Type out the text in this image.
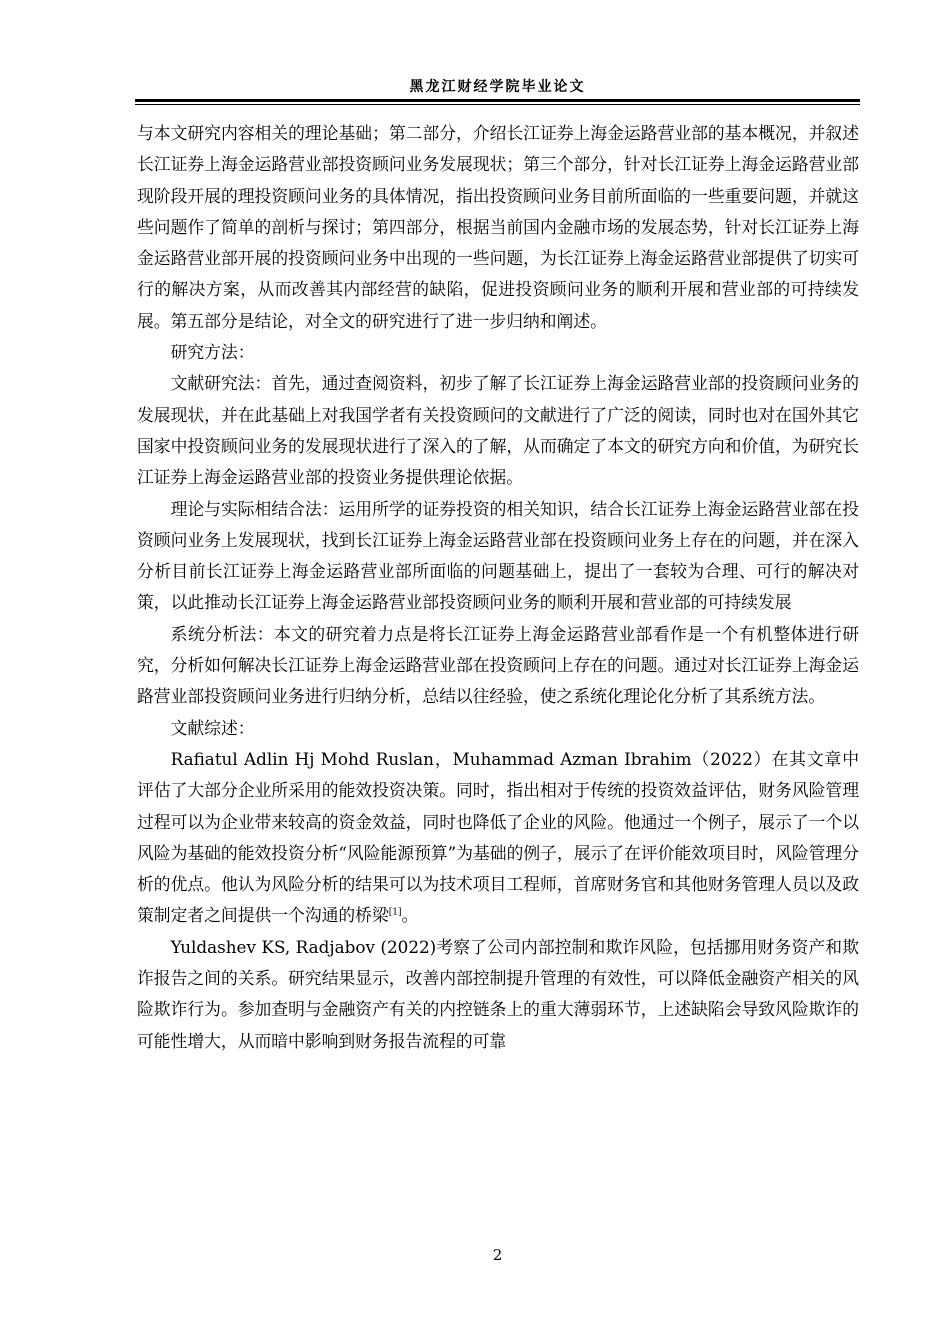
黑龙江财经学院毕业论文

与本文研究内容相关的理论基础；第二部分，介绍长江证券上海金运路营业部的基本概况，并叙述长江证券上海金运路营业部投资顾问业务发展现状；第三个部分，针对长江证券上海金运路营业部现阶段开展的理投资顾问业务的具体情况，指出投资顾问业务目前所面临的一些重要问题，并就这些问题作了简单的剖析与探讨；第四部分，根据当前国内金融市场的发展态势，针对长江证券上海金运路营业部开展的投资顾问业务中出现的一些问题，为长江证券上海金运路营业部提供了切实可行的解决方案，从而改善其内部经营的缺陷，促进投资顾问业务的顺利开展和营业部的可持续发展。第五部分是结论，对全文的研究进行了进一步归纳和阐述。

研究方法：

文献研究法：首先，通过查阅资料，初步了解了长江证券上海金运路营业部的投资顾问业务的发展现状，并在此基础上对我国学者有关投资顾问的文献进行了广泛的阅读，同时也对在国外其它国家中投资顾问业务的发展现状进行了深入的了解，从而确定了本文的研究方向和价值，为研究长江证券上海金运路营业部的投资业务提供理论依据。

理论与实际相结合法：运用所学的证券投资的相关知识，结合长江证券上海金运路营业部在投资顾问业务上发展现状，找到长江证券上海金运路营业部在投资顾问业务上存在的问题，并在深入分析目前长江证券上海金运路营业部所面临的问题基础上，提出了一套较为合理、可行的解决对策，以此推动长江证券上海金运路营业部投资顾问业务的顺利开展和营业部的可持续发展

系统分析法：本文的研究着力点是将长江证券上海金运路营业部看作是一个有机整体进行研究，分析如何解决长江证券上海金运路营业部在投资顾问上存在的问题。通过对长江证券上海金运路营业部投资顾问业务进行归纳分析，总结以往经验，使之系统化理论化分析了其系统方法。

文献综述：

Rafiatul Adlin Hj Mohd Ruslan，Muhammad Azman Ibrahim（2022）在其文章中评估了大部分企业所采用的能效投资决策。同时，指出相对于传统的投资效益评估，财务风险管理过程可以为企业带来较高的资金效益，同时也降低了企业的风险。他通过一个例子，展示了一个以风险为基础的能效投资分析“风险能源预算”为基础的例子，展示了在评价能效项目时，风险管理分析的优点。他认为风险分析的结果可以为技术项目工程师，首席财务官和其他财务管理人员以及政策制定者之间提供一个沟通的桥梁[1]。

Yuldashev KS, Radjabov (2022)考察了公司内部控制和欺诈风险，包括挪用财务资产和欺诈报告之间的关系。研究结果显示，改善内部控制提升管理的有效性，可以降低金融资产相关的风险欺诈行为。参加查明与金融资产有关的内控链条上的重大薄弱环节，上述缺陷会导致风险欺诈的可能性增大，从而暗中影响到财务报告流程的可靠

2
